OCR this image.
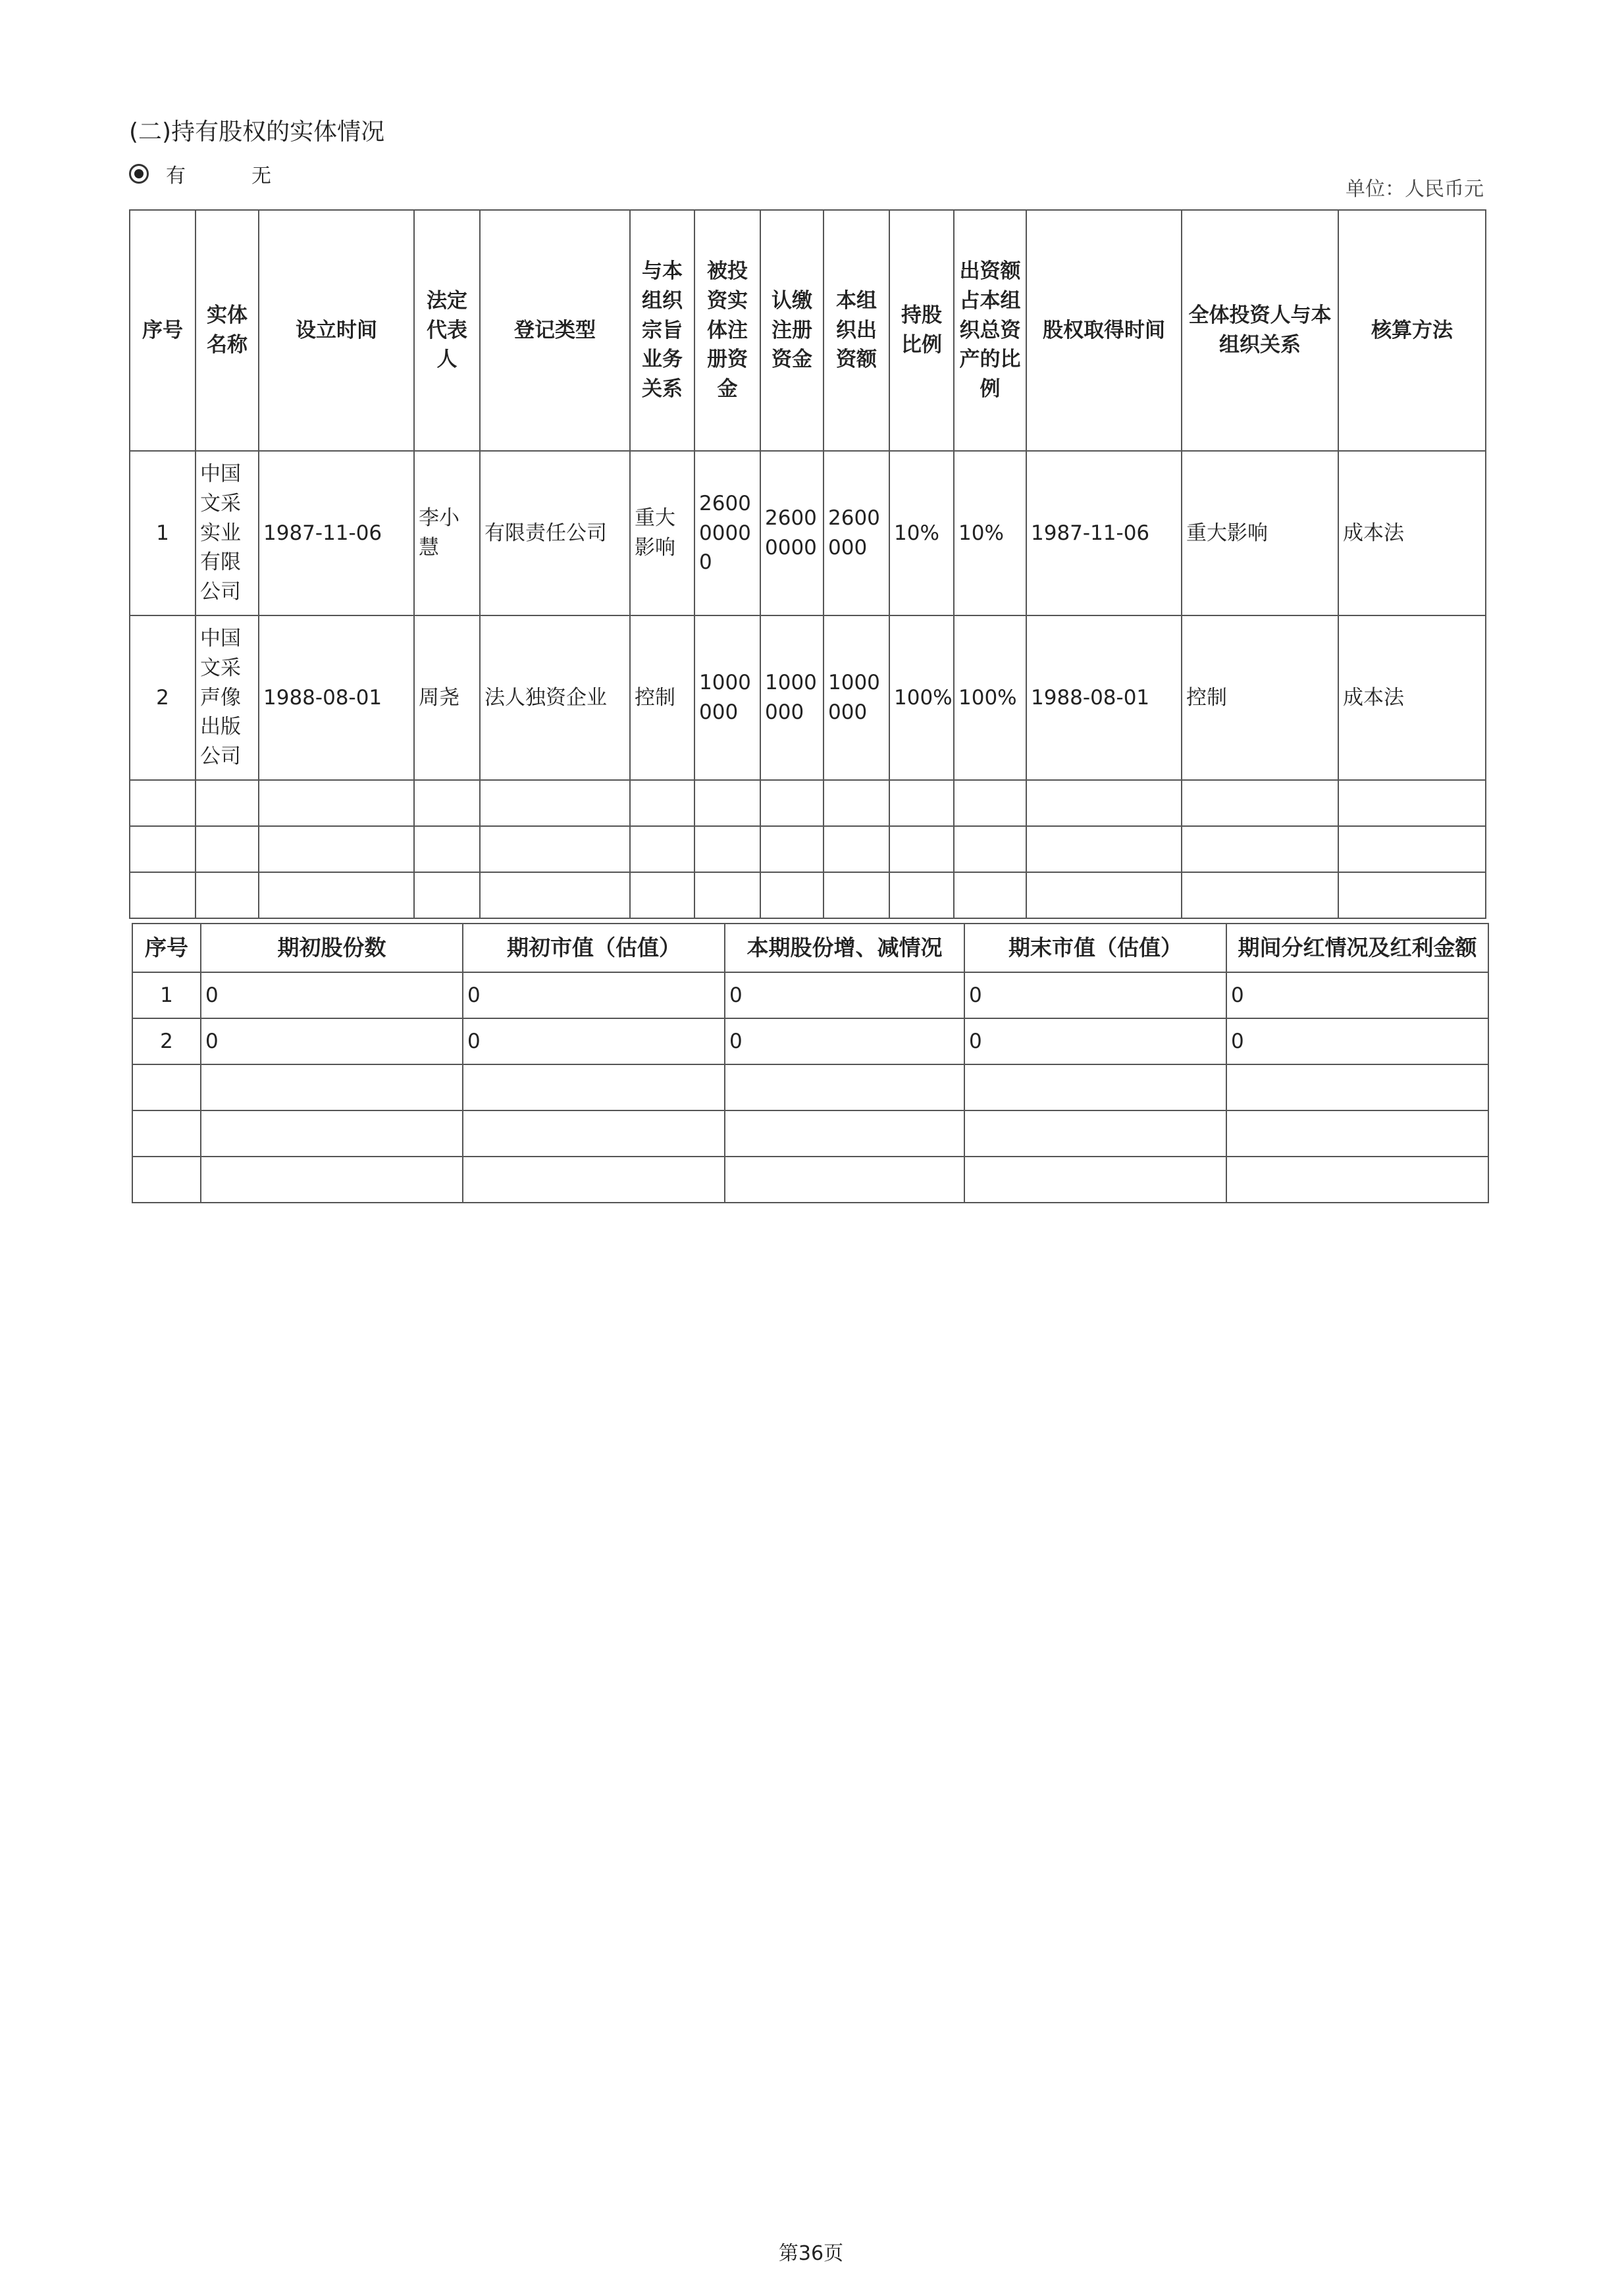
(二)持有股权的实体情况
有	无
单位：人民币元
序号	实体名称	设立时间	法定代表人	登记类型	与本组织宗旨业务关系	被投资实体注册资金	认缴注册资金	本组织出资额	持股比例	出资额占本组织总资产的比例	股权取得时间	全体投资人与本组织关系	核算方法
1	中国文采实业有限公司	1987-11-06	李小慧	有限责任公司	重大影响	260000000	26000000	2600000	10%	10%	1987-11-06	重大影响	成本法
2	中国文采声像出版公司	1988-08-01	周尧	法人独资企业	控制	1000000	1000000	1000000	100%	100%	1988-08-01	控制	成本法

序号	期初股份数	期初市值（估值）	本期股份增、减情况	期末市值（估值）	期间分红情况及红利金额
1	0	0	0	0	0
2	0	0	0	0	0

第36页
